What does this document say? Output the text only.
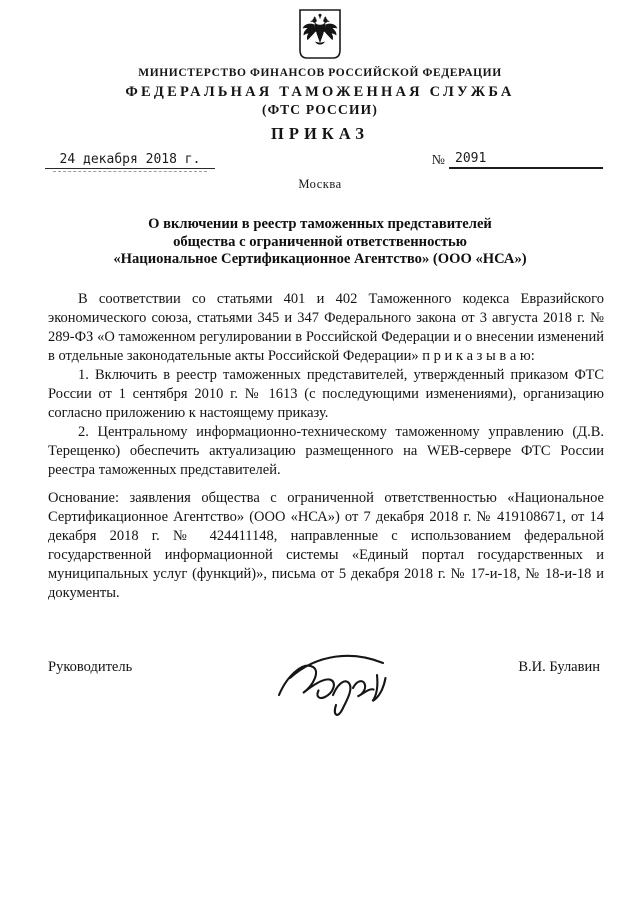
МИНИСТЕРСТВО ФИНАНСОВ РОССИЙСКОЙ ФЕДЕРАЦИИ
ФЕДЕРАЛЬНАЯ ТАМОЖЕННАЯ СЛУЖБА
(ФТС РОССИИ)
ПРИКАЗ
24 декабря 2018 г.	№ 2091
Москва
О включении в реестр таможенных представителей
общества с ограниченной ответственностью
«Национальное Сертификационное Агентство» (ООО «НСА»)

В соответствии со статьями 401 и 402 Таможенного кодекса Евразийского экономического союза, статьями 345 и 347 Федерального закона от 3 августа 2018 г. № 289-ФЗ «О таможенном регулировании в Российской Федерации и о внесении изменений в отдельные законодательные акты Российской Федерации» п р и к а з ы в а ю:

1. Включить в реестр таможенных представителей, утвержденный приказом ФТС России от 1 сентября 2010 г. № 1613 (с последующими изменениями), организацию согласно приложению к настоящему приказу.

2. Центральному информационно-техническому таможенному управлению (Д.В. Терещенко) обеспечить актуализацию размещенного на WEB-сервере ФТС России реестра таможенных представителей.

Основание: заявления общества с ограниченной ответственностью «Национальное Сертификационное Агентство» (ООО «НСА») от 7 декабря 2018 г. № 419108671, от 14 декабря 2018 г. № 424411148, направленные с использованием федеральной государственной информационной системы «Единый портал государственных и муниципальных услуг (функций)», письма от 5 декабря 2018 г. № 17-и-18, № 18-и-18 и документы.

Руководитель	В.И. Булавин
